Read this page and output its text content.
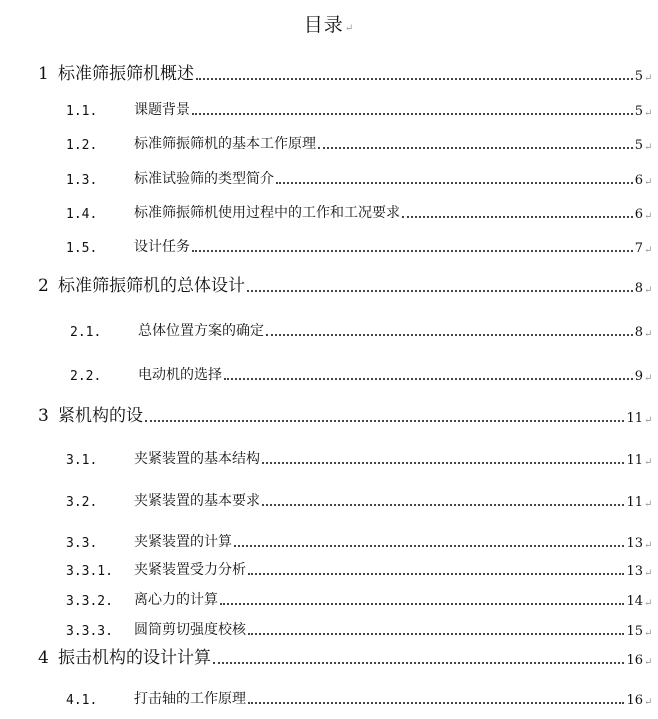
目录↵
1 标准筛振筛机概述	5 ↵
1.1.	课题背景	5 ↵
1.2.	标准筛振筛机的基本工作原理	5 ↵
1.3.	标准试验筛的类型简介	6 ↵
1.4.	标准筛振筛机使用过程中的工作和工况要求	6 ↵
1.5.	设计任务	7 ↵
2 标准筛振筛机的总体设计	8 ↵
2.1.	总体位置方案的确定	8 ↵
2.2.	电动机的选择	9 ↵
3 紧机构的设	11 ↵
3.1.	夹紧装置的基本结构	11 ↵
3.2.	夹紧装置的基本要求	11 ↵
3.3.	夹紧装置的计算	13 ↵
3.3.1.	夹紧装置受力分析	13 ↵
3.3.2.	离心力的计算	14 ↵
3.3.3.	圆筒剪切强度校核	15 ↵
4 振击机构的设计计算	16 ↵
4.1.	打击轴的工作原理	16 ↵
